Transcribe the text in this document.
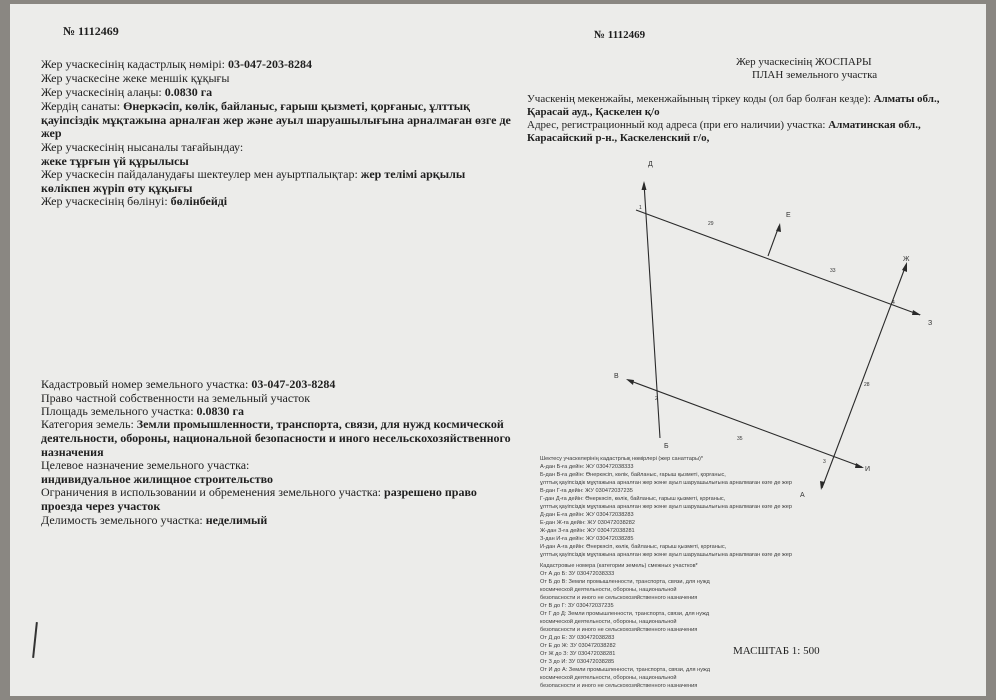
№ 1112469
Жер учаскесінің кадастрлық нөмірі: 03-047-203-8284
Жер учаскесіне жеке меншік құқығы
Жер учаскесінің алаңы: 0.0830 га
Жердің санаты: Өнеркәсіп, көлік, байланыс, ғарыш қызметі, қорғаныс, ұлттық
қауіпсіздік мұқтажына арналған жер және ауыл шаруашылығына арналмаған өзге де
жер
Жер учаскесінің нысаналы тағайындау:
жеке тұрғын үй құрылысы
Жер учаскесін пайдаланудағы шектеулер мен ауыртпалықтар: жер телімі арқылы
көлікпен жүріп өту құқығы
Жер учаскесінің бөлінуі: бөлінбейді
Кадастровый номер земельного участка: 03-047-203-8284
Право частной собственности на земельный участок
Площадь земельного участка: 0.0830 га
Категория земель: Земли промышленности, транспорта, связи, для нужд космической
деятельности, обороны, национальной безопасности и иного несельскохозяйственного
назначения
Целевое назначение земельного участка:
индивидуальное жилищное строительство
Ограничения в использовании и обременения земельного участка: разрешено право
проезда через участок
Делимость земельного участка: неделимый
№ 1112469
Жер учаскесінің ЖОСПАРЫ
ПЛАН земельного участка
Учаскенің мекенжайы, мекенжайының тіркеу коды (ол бар болған кезде): Алматы обл.,
Қарасай ауд., Қаскелен қ/о
Адрес, регистрационный код адреса (при его наличии) участка: Алматинская обл.,
Карасайский р-н., Каскеленский г/о,
Д
Е
Ж
З
В
Б
И
А
1
2
3
4
29
33
28
35
Шектесу учаскелерінің кадастрлық нөмірлері (жер санаттары)*
А-дан Б-ға дейін: ЖУ 030472038333
Б-дан В-ға дейін: Өнеркәсіп, көлік, байланыс, ғарыш қызметі, қорғаныс,
ұлттық қауіпсіздік мұқтажына арналған жер және ауыл шаруашылығына арналмаған өзге де жер
В-дан Г-ға дейін: ЖУ 030472037235
Г-дан Д-ға дейін: Өнеркәсіп, көлік, байланыс, ғарыш қызметі, қорғаныс,
ұлттық қауіпсіздік мұқтажына арналған жер және ауыл шаруашылығына арналмаған өзге де жер
Д-дан Е-ға дейін: ЖУ 030472038283
Е-дан Ж-ға дейін: ЖУ 030472038282
Ж-дан З-ға дейін: ЖУ 030472038281
З-дан И-ға дейін: ЖУ 030472038285
И-дан А-ға дейін: Өнеркәсіп, көлік, байланыс, ғарыш қызметі, қорғаныс,
ұлттық қауіпсіздік мұқтажына арналған жер және ауыл шаруашылығына арналмаған өзге де жер
Кадастровые номера (категории земель) смежных участков*
От А до Б: ЗУ 030472038333
От Б до В: Земли промышленности, транспорта, связи, для нужд
космической деятельности, обороны, национальной
безопасности и иного не сельскохозяйственного назначения
От В до Г: ЗУ 030472037235
От Г до Д: Земли промышленности, транспорта, связи, для нужд
космической деятельности, обороны, национальной
безопасности и иного не сельскохозяйственного назначения
От Д до Е: ЗУ 030472038283
От Е до Ж: ЗУ 030472038282
От Ж до З: ЗУ 030472038281
От З до И: ЗУ 030472038285
От И до А: Земли промышленности, транспорта, связи, для нужд
космической деятельности, обороны, национальной
безопасности и иного не сельскохозяйственного назначения
МАСШТАБ 1: 500
